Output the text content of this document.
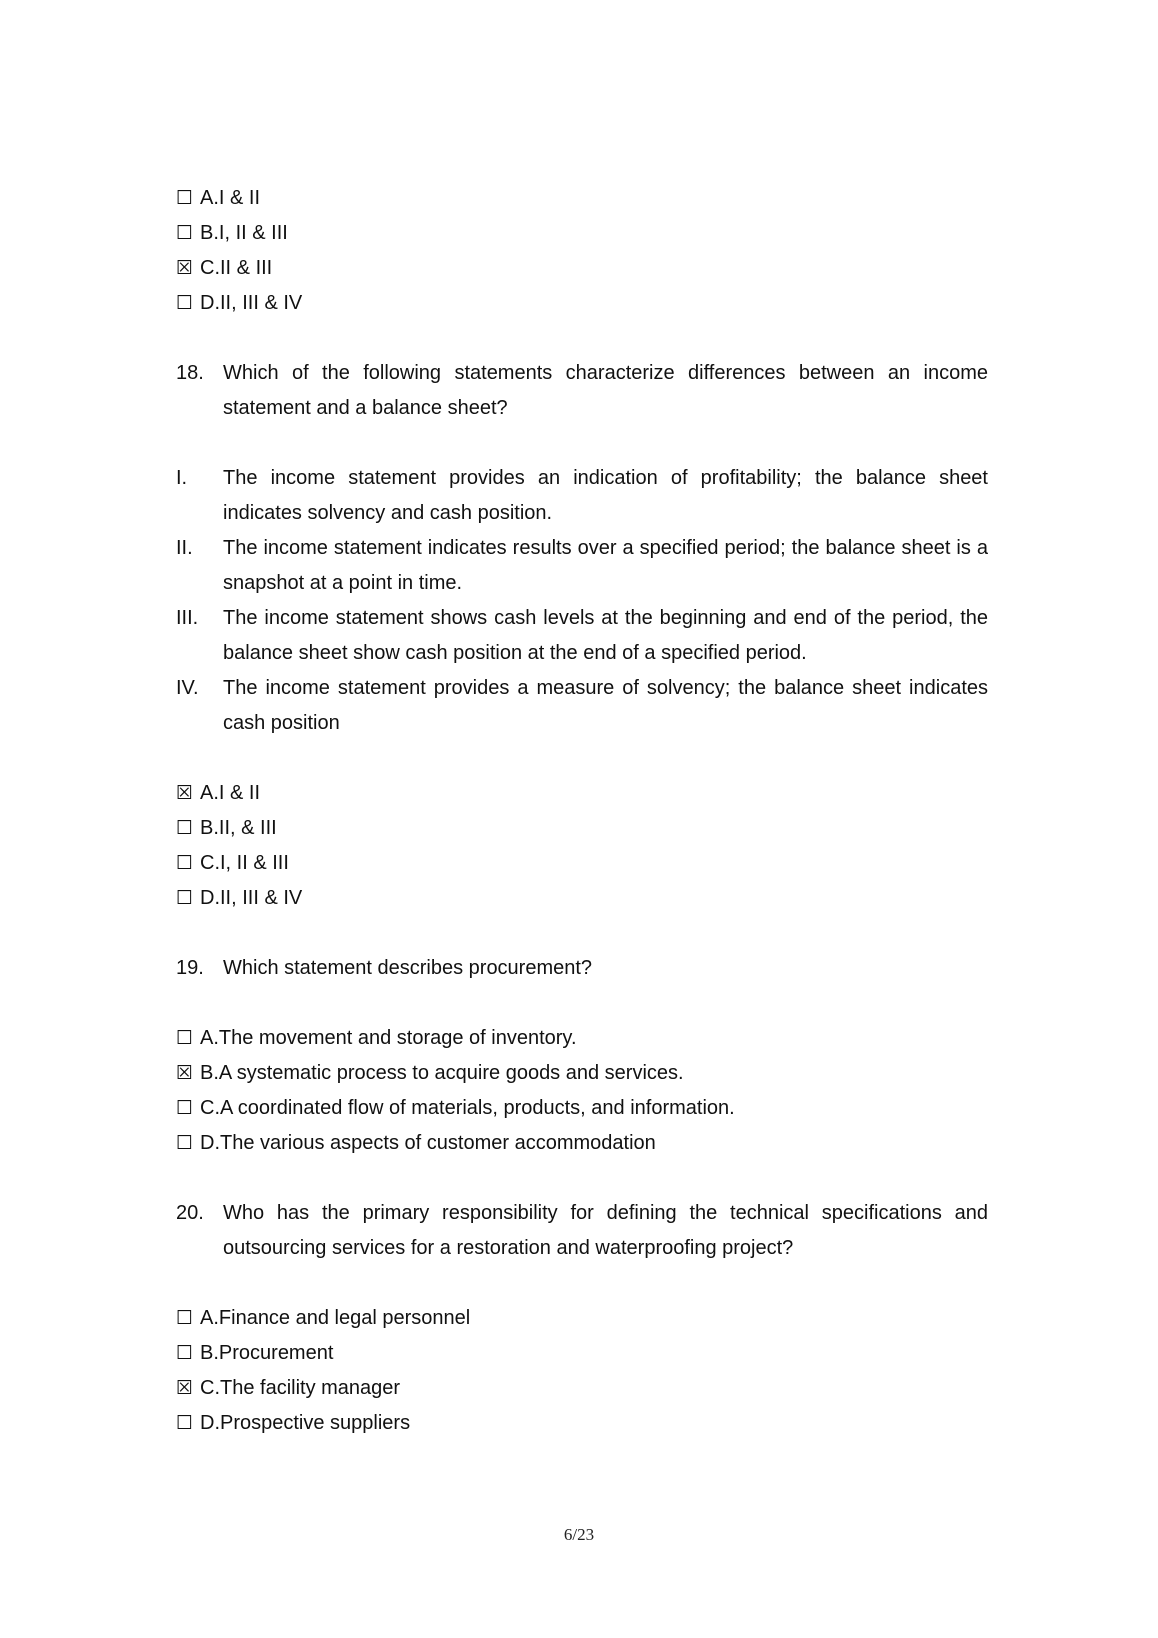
☐ A.I & II
☐ B.I, II & III
☒ C.II & III
☐ D.II, III & IV
18. Which of the following statements characterize differences between an income statement and a balance sheet?
I.	The income statement provides an indication of profitability; the balance sheet indicates solvency and cash position.
II.	The income statement indicates results over a specified period; the balance sheet is a snapshot at a point in time.
III.	The income statement shows cash levels at the beginning and end of the period, the balance sheet show cash position at the end of a specified period.
IV.	The income statement provides a measure of solvency; the balance sheet indicates cash position
☒ A.I & II
☐ B.II, & III
☐ C.I, II & III
☐ D.II, III & IV
19. Which statement describes procurement?
☐ A.The movement and storage of inventory.
☒ B.A systematic process to acquire goods and services.
☐ C.A coordinated flow of materials, products, and information.
☐ D.The various aspects of customer accommodation
20. Who has the primary responsibility for defining the technical specifications and outsourcing services for a restoration and waterproofing project?
☐ A.Finance and legal personnel
☐ B.Procurement
☒ C.The facility manager
☐ D.Prospective suppliers
6/23
